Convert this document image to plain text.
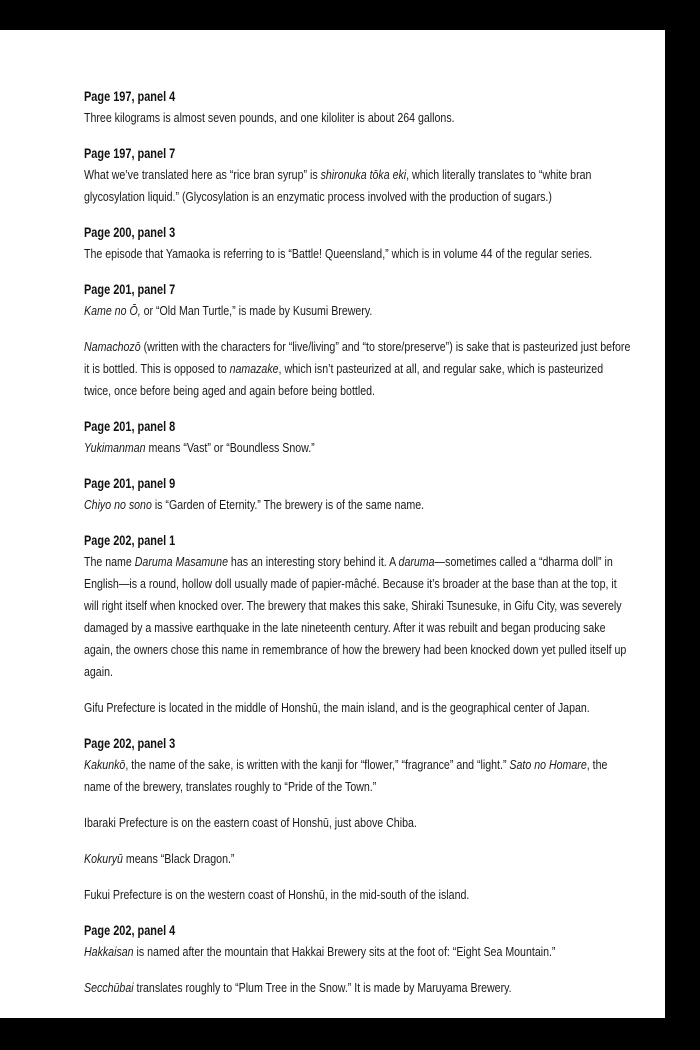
Page 197, panel 4

Three kilograms is almost seven pounds, and one kiloliter is about 264 gallons.

Page 197, panel 7

What we’ve translated here as “rice bran syrup” is shironuka tōka eki, which literally translates to “white bran glycosylation liquid.” (Glycosylation is an enzymatic process involved with the production of sugars.)

Page 200, panel 3

The episode that Yamaoka is referring to is “Battle! Queensland,” which is in volume 44 of the regular series.

Page 201, panel 7

Kame no Ō, or “Old Man Turtle,” is made by Kusumi Brewery.

Namachozō (written with the characters for “live/living” and “to store/preserve”) is sake that is pasteurized just before it is bottled. This is opposed to namazake, which isn’t pasteurized at all, and regular sake, which is pasteurized twice, once before being aged and again before being bottled.

Page 201, panel 8

Yukimanman means “Vast” or “Boundless Snow.”

Page 201, panel 9

Chiyo no sono is “Garden of Eternity.” The brewery is of the same name.

Page 202, panel 1

The name Daruma Masamune has an interesting story behind it. A daruma—sometimes called a “dharma doll” in English—is a round, hollow doll usually made of papier-mâché. Because it’s broader at the base than at the top, it will right itself when knocked over. The brewery that makes this sake, Shiraki Tsunesuke, in Gifu City, was severely damaged by a massive earthquake in the late nineteenth century. After it was rebuilt and began producing sake again, the owners chose this name in remembrance of how the brewery had been knocked down yet pulled itself up again.

Gifu Prefecture is located in the middle of Honshū, the main island, and is the geographical center of Japan.

Page 202, panel 3

Kakunkō, the name of the sake, is written with the kanji for “flower,” “fragrance” and “light.” Sato no Homare, the name of the brewery, translates roughly to “Pride of the Town.”

Ibaraki Prefecture is on the eastern coast of Honshū, just above Chiba.

Kokuryū means “Black Dragon.”

Fukui Prefecture is on the western coast of Honshū, in the mid-south of the island.

Page 202, panel 4

Hakkaisan is named after the mountain that Hakkai Brewery sits at the foot of: “Eight Sea Mountain.”

Secchūbai translates roughly to “Plum Tree in the Snow.” It is made by Maruyama Brewery.
